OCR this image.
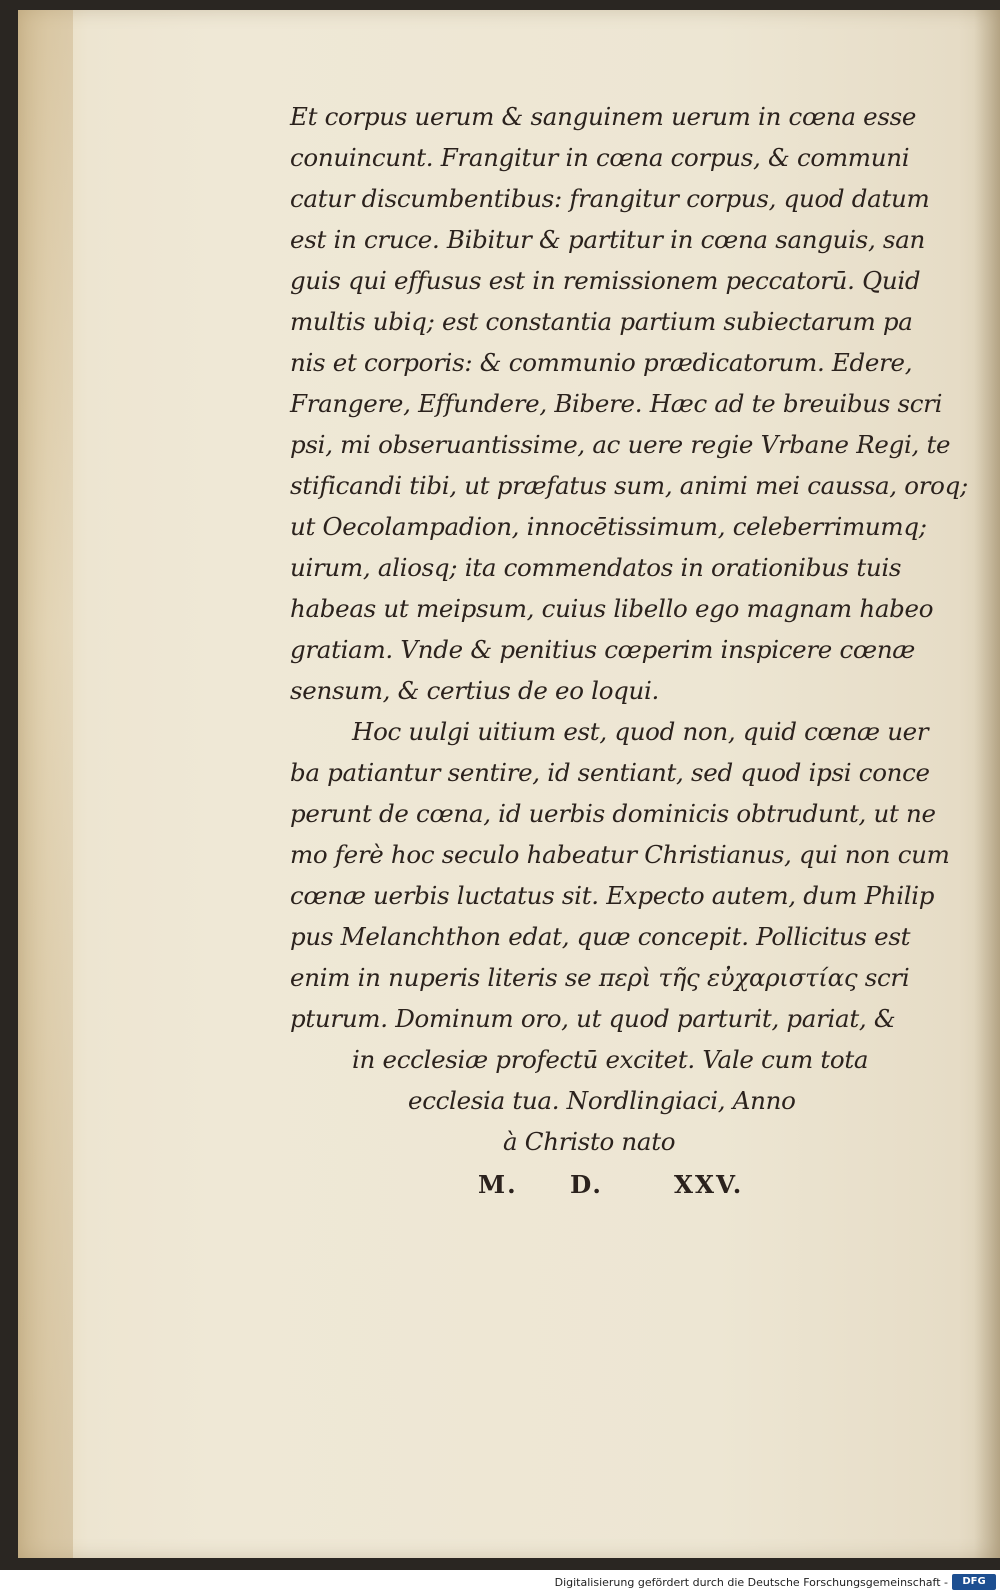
Et corpus uerum & sanguinem uerum in cœna esse
conuincunt. Frangitur in cœna corpus, & communi
catur discumbentibus: frangitur corpus, quod datum
est in cruce. Bibitur & partitur in cœna sanguis, san
guis qui effusus est in remissionem peccatorū. Quid
multis ubiq; est constantia partium subiectarum pa
nis et corporis: & communio prædicatorum. Edere,
Frangere, Effundere, Bibere. Hæc ad te breuibus scri
psi, mi obseruantissime, ac uere regie Vrbane Regi, te
stificandi tibi, ut præfatus sum, animi mei caussa, oroq;
ut Oecolampadion, innocētissimum, celeberrimumq;
uirum, aliosq; ita commendatos in orationibus tuis
habeas ut meipsum, cuius libello ego magnam habeo
gratiam. Vnde & penitius cœperim inspicere cœnæ
sensum, & certius de eo loqui.
Hoc uulgi uitium est, quod non, quid cœnæ uer
ba patiantur sentire, id sentiant, sed quod ipsi conce
perunt de cœna, id uerbis dominicis obtrudunt, ut ne
mo ferè hoc seculo habeatur Christianus, qui non cum
cœnæ uerbis luctatus sit. Expecto autem, dum Philip
pus Melanchthon edat, quæ concepit. Pollicitus est
enim in nuperis literis se περὶ τῆς εὐχαριστίας scri
pturum. Dominum oro, ut quod parturit, pariat, &
in ecclesiæ profectū excitet. Vale cum tota
ecclesia tua. Nordlingiaci, Anno
à Christo nato
M. D.	XXV.
Digitalisierung gefördert durch die Deutsche Forschungsgemeinschaft -	DFG
